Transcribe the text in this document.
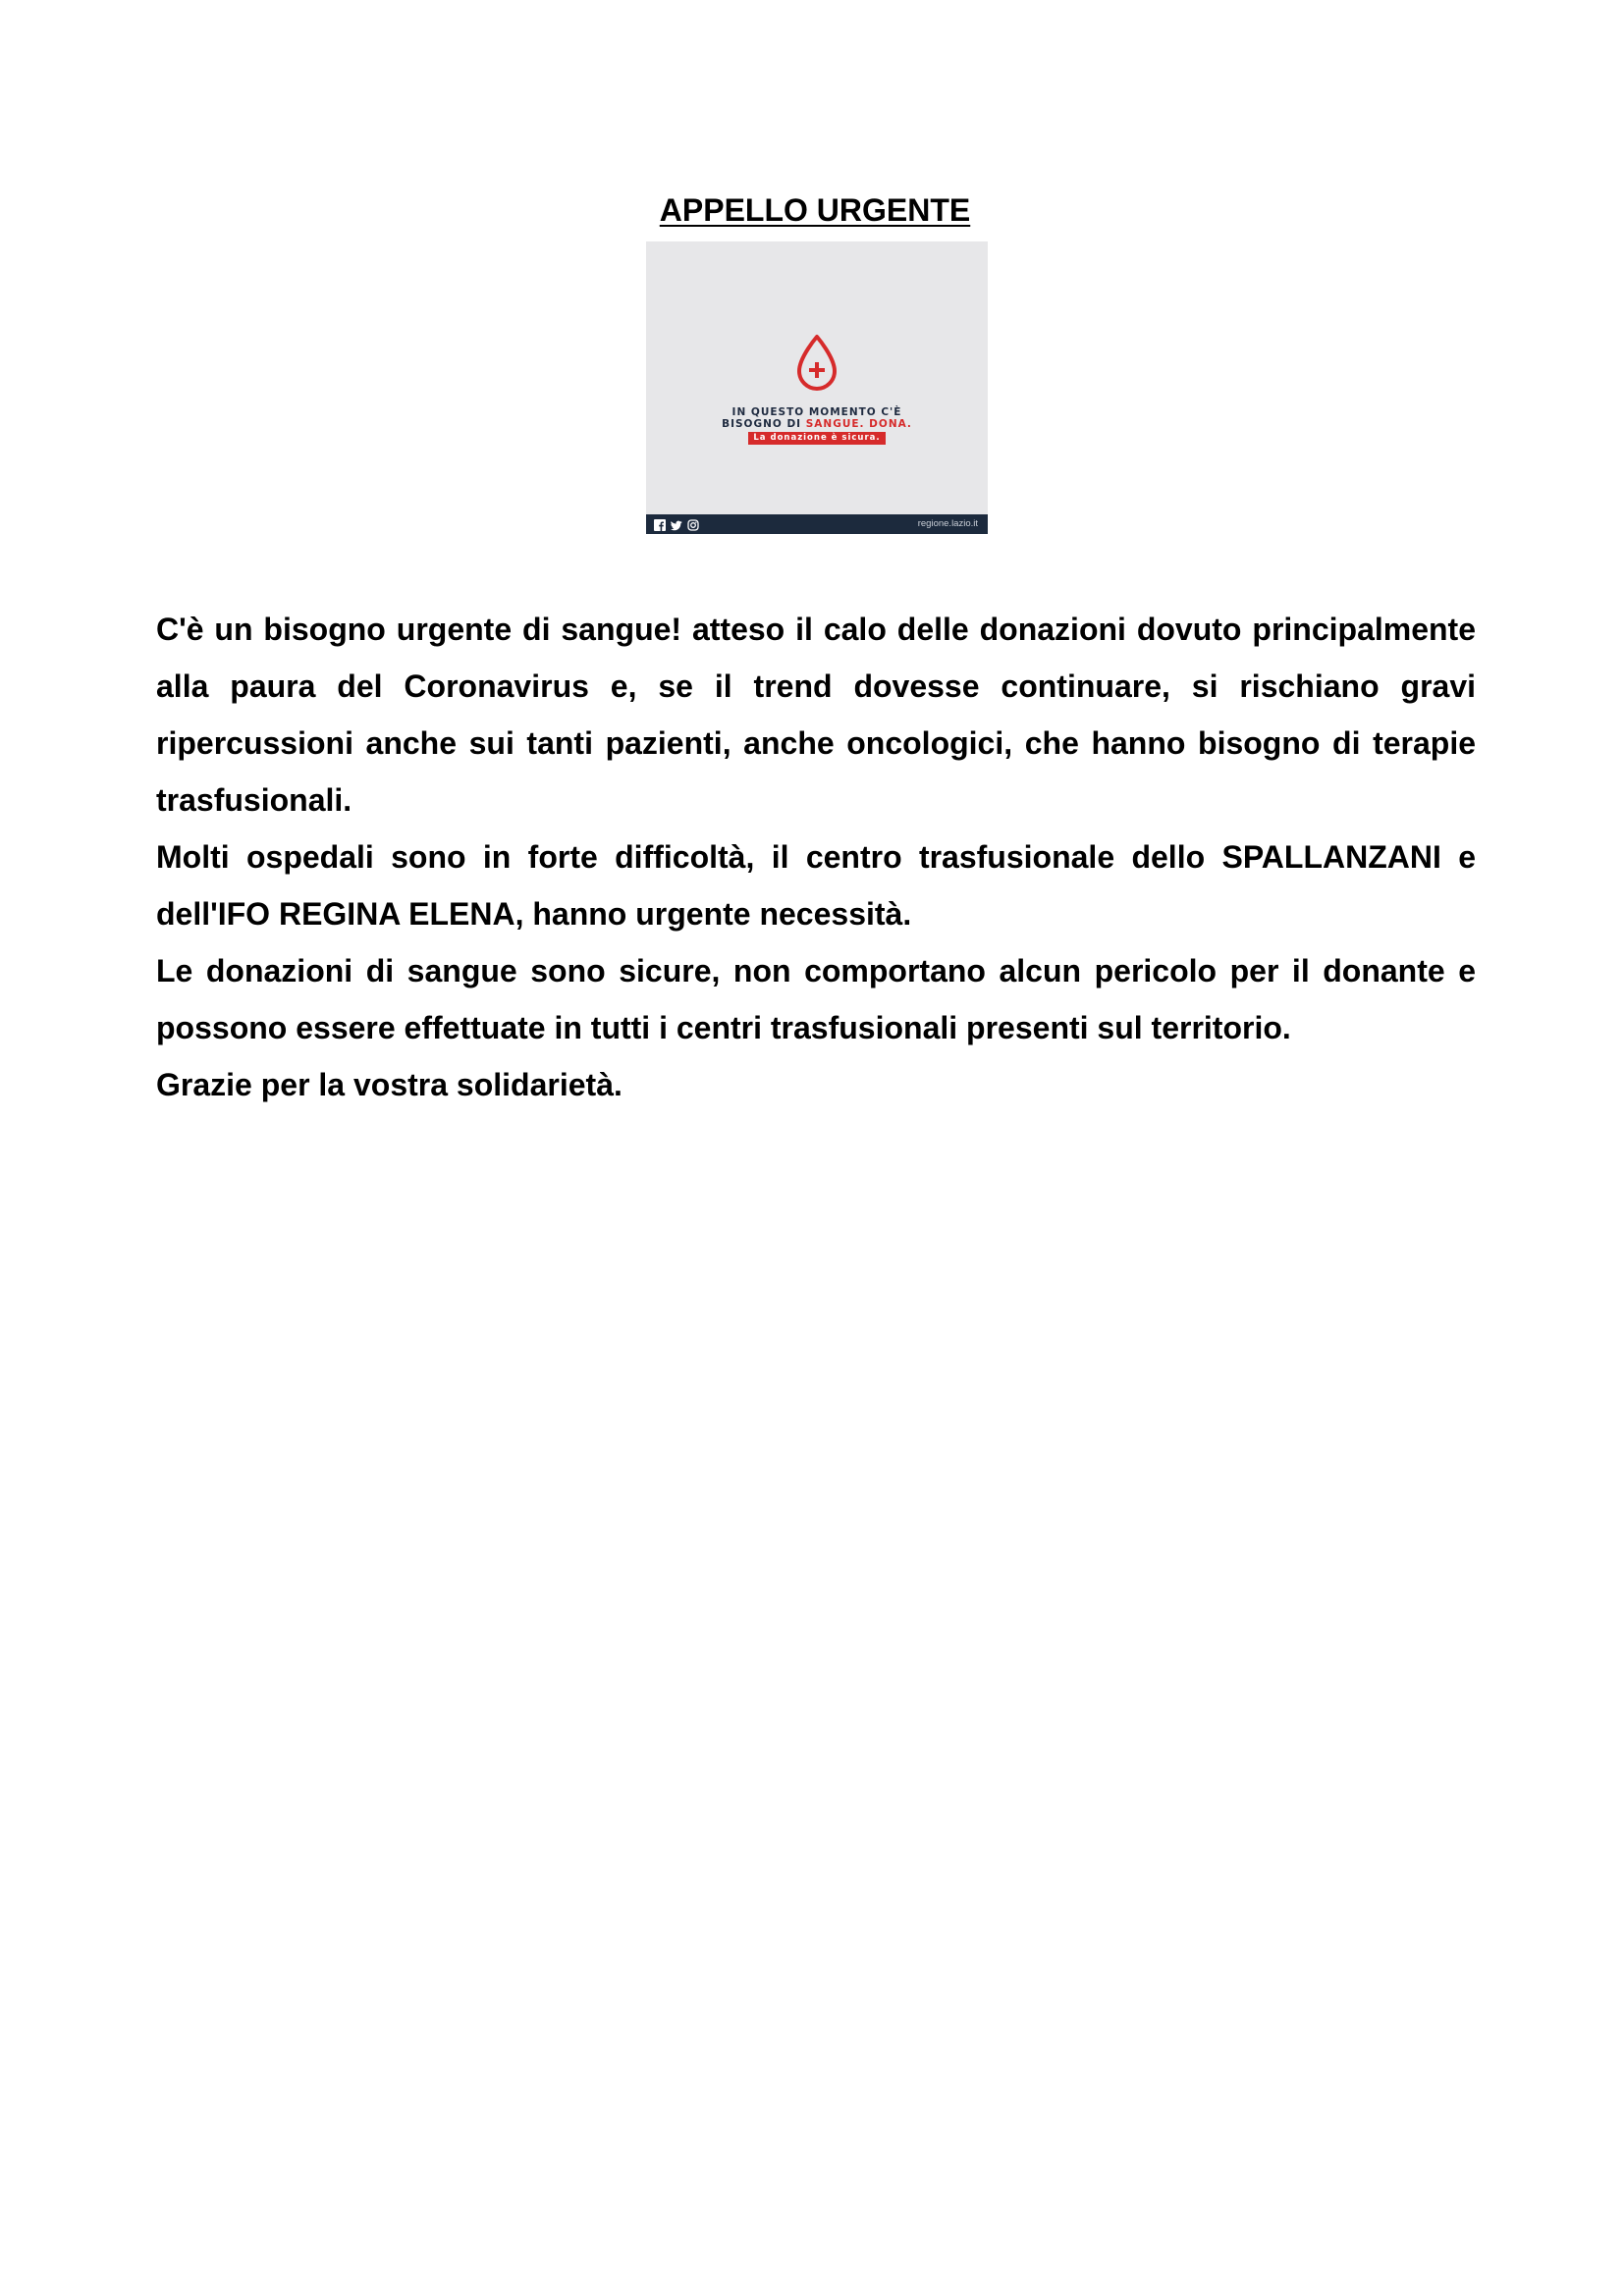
APPELLO URGENTE
IN QUESTO MOMENTO C'È
BISOGNO DI SANGUE. DONA.
La donazione è sicura.
regione.lazio.it

C'è un bisogno urgente di sangue! atteso il calo delle donazioni dovuto principalmente alla paura del Coronavirus e, se il trend dovesse continuare, si rischiano gravi ripercussioni anche sui tanti pazienti, anche oncologici, che hanno bisogno di terapie trasfusionali.

Molti ospedali sono in forte difficoltà, il centro trasfusionale dello SPALLANZANI e dell'IFO REGINA ELENA, hanno urgente necessità.

Le donazioni di sangue sono sicure, non comportano alcun pericolo per il donante e possono essere effettuate in tutti i centri trasfusionali presenti sul territorio.

Grazie per la vostra solidarietà.
